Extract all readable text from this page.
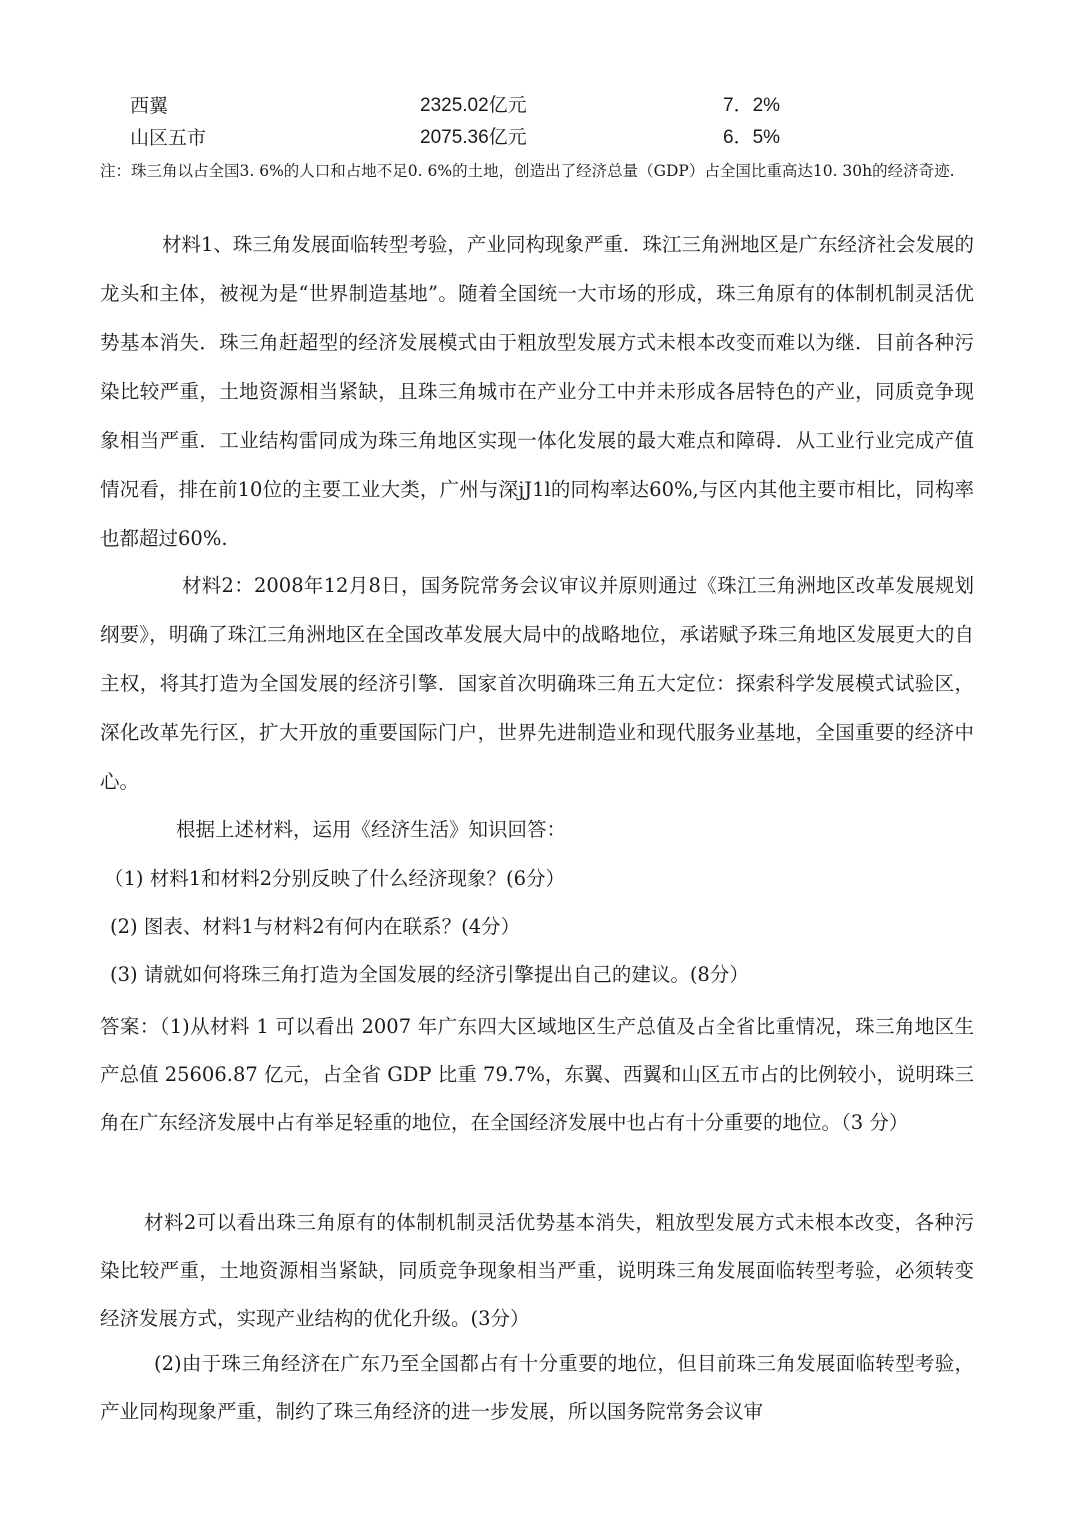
西翼	2325.02亿元	7．2%
山区五市	2075.36亿元	6．5%
注：珠三角以占全国3. 6%的人口和占地不足0. 6%的土地，创造出了经济总量（GDP）占全国比重高达10. 30h的经济奇迹.
材料1、珠三角发展面临转型考验，产业同构现象严重．珠江三角洲地区是广东经济社会发展的龙头和主体，被视为是“世界制造基地”。随着全国统一大市场的形成，珠三角原有的体制机制灵活优势基本消失．珠三角赶超型的经济发展模式由于粗放型发展方式未根本改变而难以为继．目前各种污染比较严重，土地资源相当紧缺，且珠三角城市在产业分工中并未形成各居特色的产业，同质竞争现象相当严重．工业结构雷同成为珠三角地区实现一体化发展的最大难点和障碍．从工业行业完成产值情况看，排在前10位的主要工业大类，广州与深jJ1l的同构率达60%,与区内其他主要市相比，同构率也都超过60%.
材料2：2008年12月8日，国务院常务会议审议并原则通过《珠江三角洲地区改革发展规划纲要》，明确了珠江三角洲地区在全国改革发展大局中的战略地位，承诺赋予珠三角地区发展更大的自主权，将其打造为全国发展的经济引擎．国家首次明确珠三角五大定位：探索科学发展模式试验区，深化改革先行区，扩大开放的重要国际门户，世界先进制造业和现代服务业基地，全国重要的经济中心。
根据上述材料，运用《经济生活》知识回答：
（1) 材料1和材料2分别反映了什么经济现象？(6分）
(2) 图表、材料1与材料2有何内在联系？(4分）
(3) 请就如何将珠三角打造为全国发展的经济引擎提出自己的建议。(8分）
答案：（1)从材料 1 可以看出 2007 年广东四大区域地区生产总值及占全省比重情况，珠三角地区生产总值 25606.87 亿元，占全省 GDP 比重 79.7%，东翼、西翼和山区五市占的比例较小，说明珠三角在广东经济发展中占有举足轻重的地位，在全国经济发展中也占有十分重要的地位。（3 分）
材料2可以看出珠三角原有的体制机制灵活优势基本消失，粗放型发展方式未根本改变，各种污染比较严重，土地资源相当紧缺，同质竞争现象相当严重，说明珠三角发展面临转型考验，必须转变经济发展方式，实现产业结构的优化升级。(3分）
(2)由于珠三角经济在广东乃至全国都占有十分重要的地位，但目前珠三角发展面临转型考验，产业同构现象严重，制约了珠三角经济的进一步发展，所以国务院常务会议审
